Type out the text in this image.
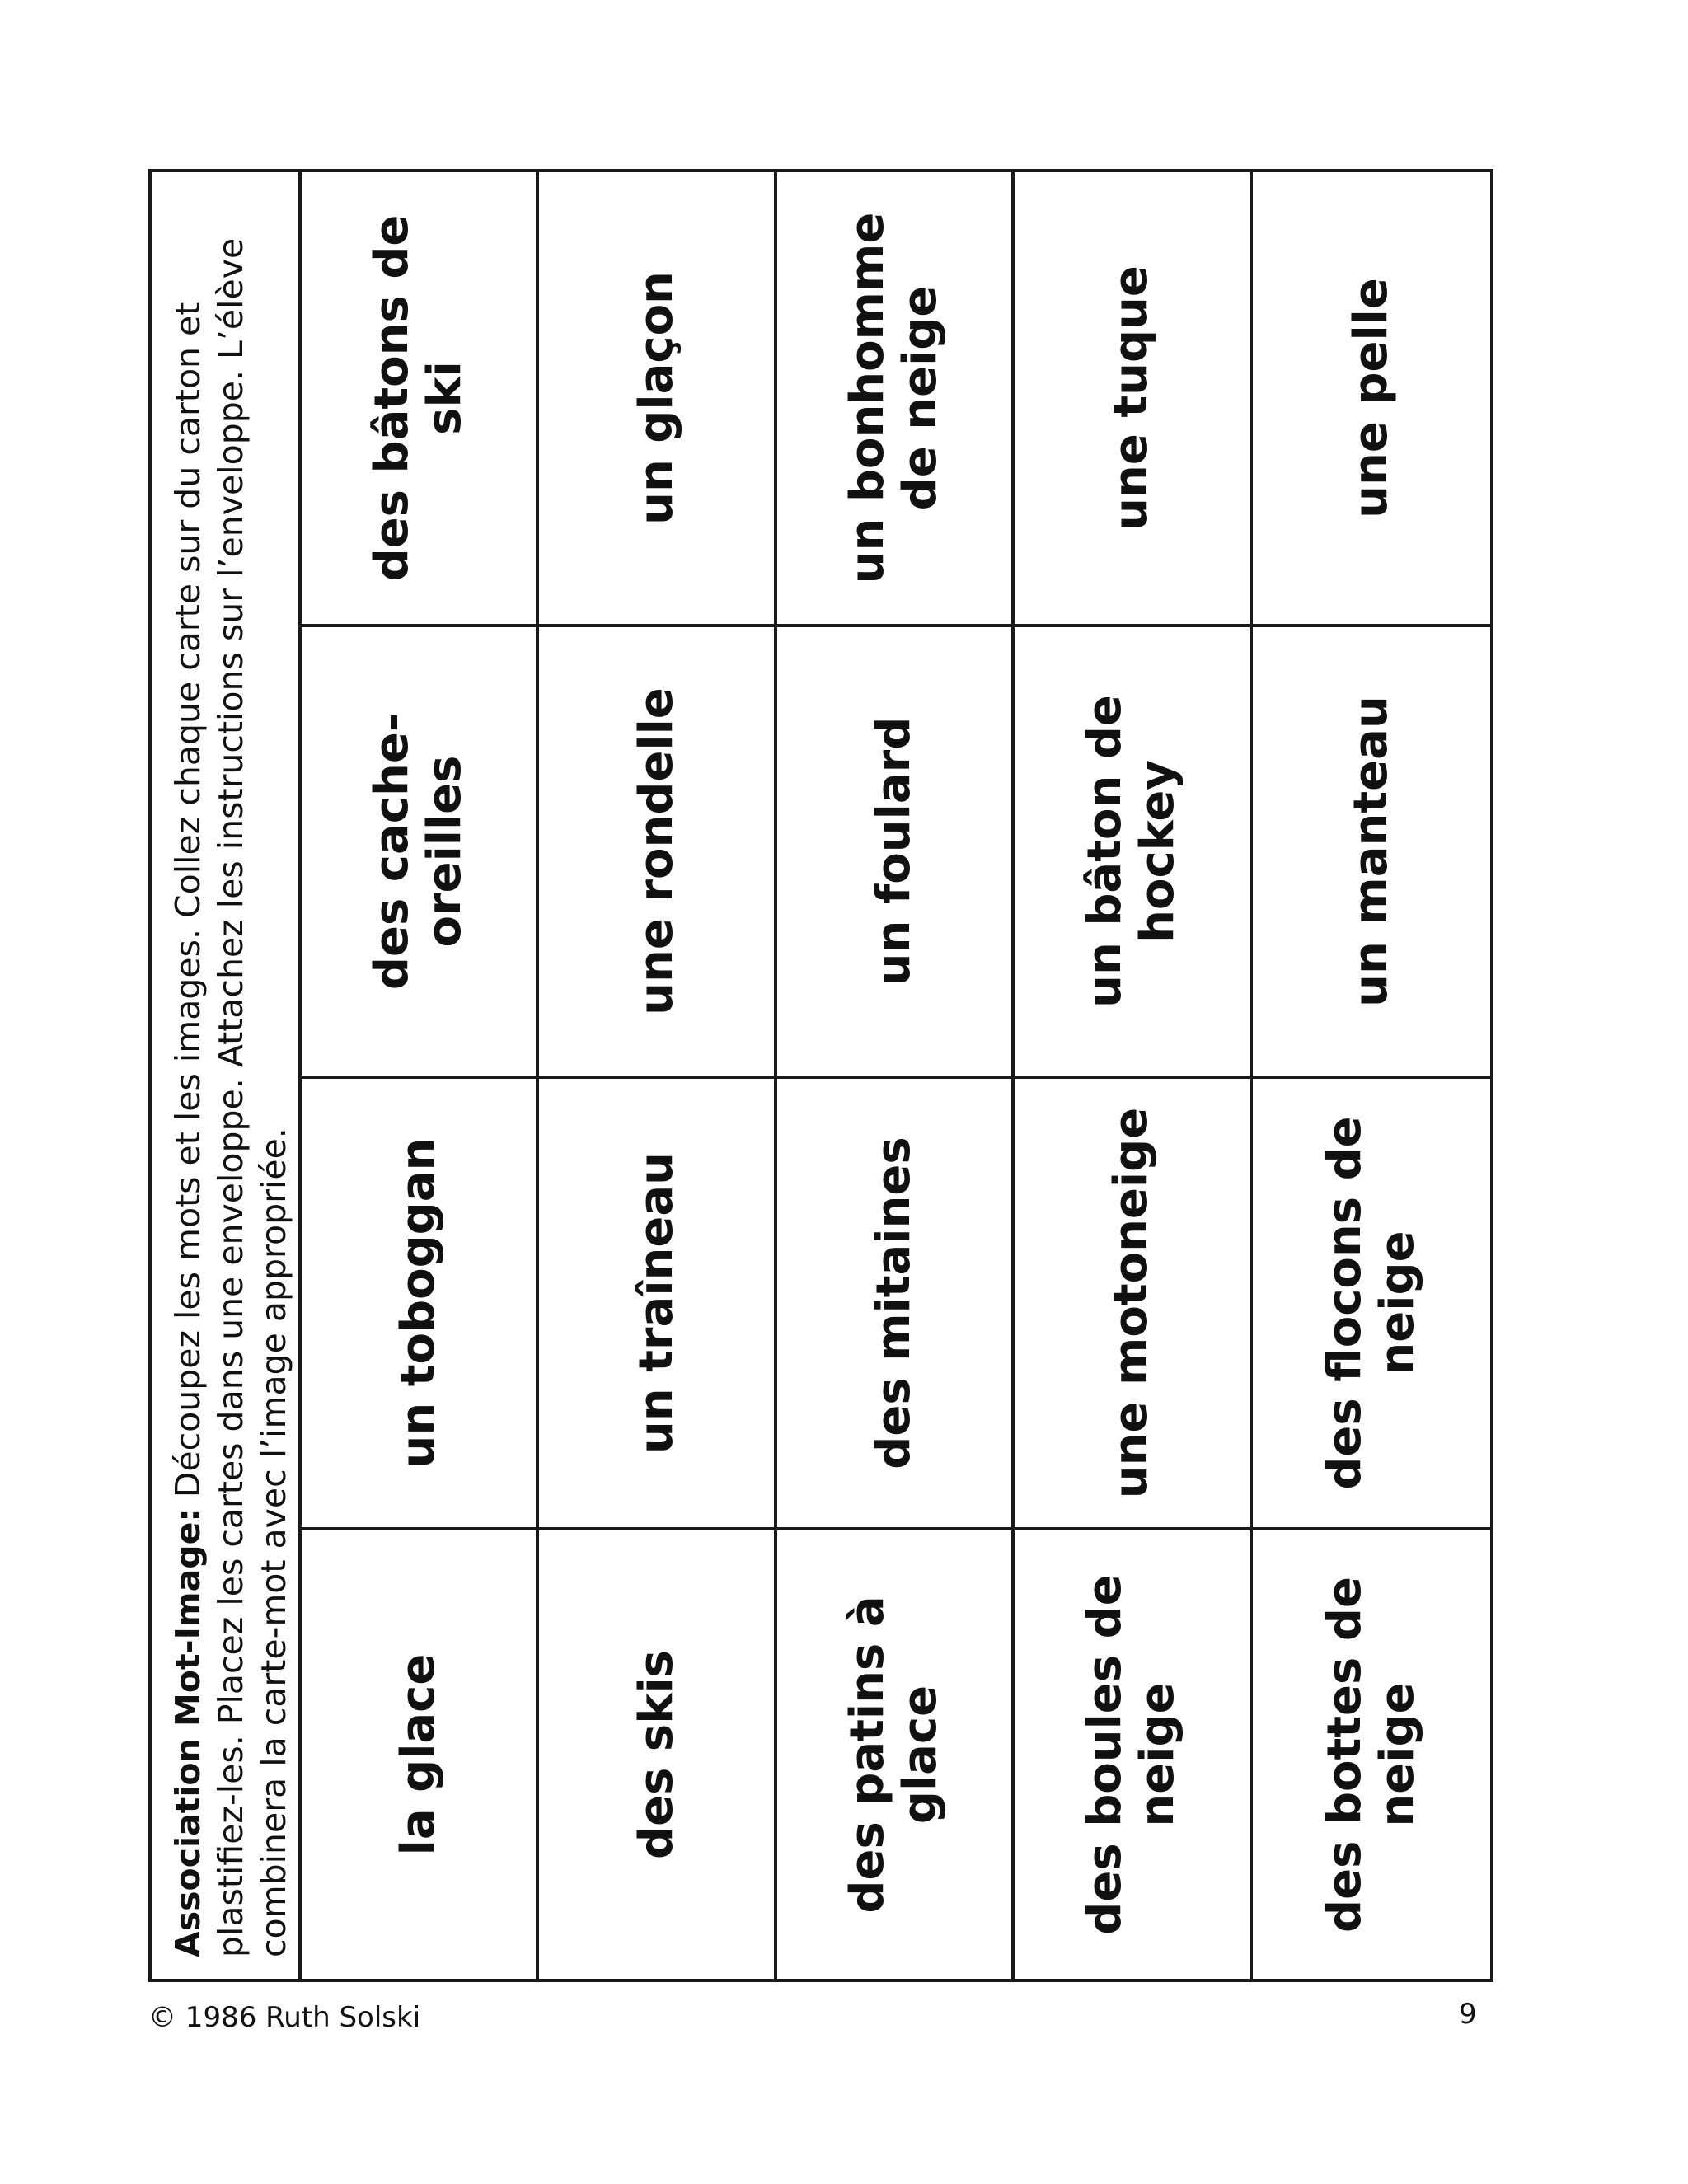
Association Mot-Image: Découpez les mots et les images. Collez chaque carte sur du carton et plastifiez-les. Placez les cartes dans une enveloppe. Attachez les instructions sur l’enveloppe. L’élève combinera la carte-mot avec l’image appropriée. la glace
un toboggan
des cache-oreilles
des bâtons de ski
des skis
un traîneau
une rondelle
un glaçon
des patins à glace
des mitaines
un foulard
un bonhomme de neige
des boules de neige
une motoneige
un bâton de hockey
une tuque
des bottes de neige
des flocons de neige
un manteau
une pelle
© 1986 Ruth Solski	9
